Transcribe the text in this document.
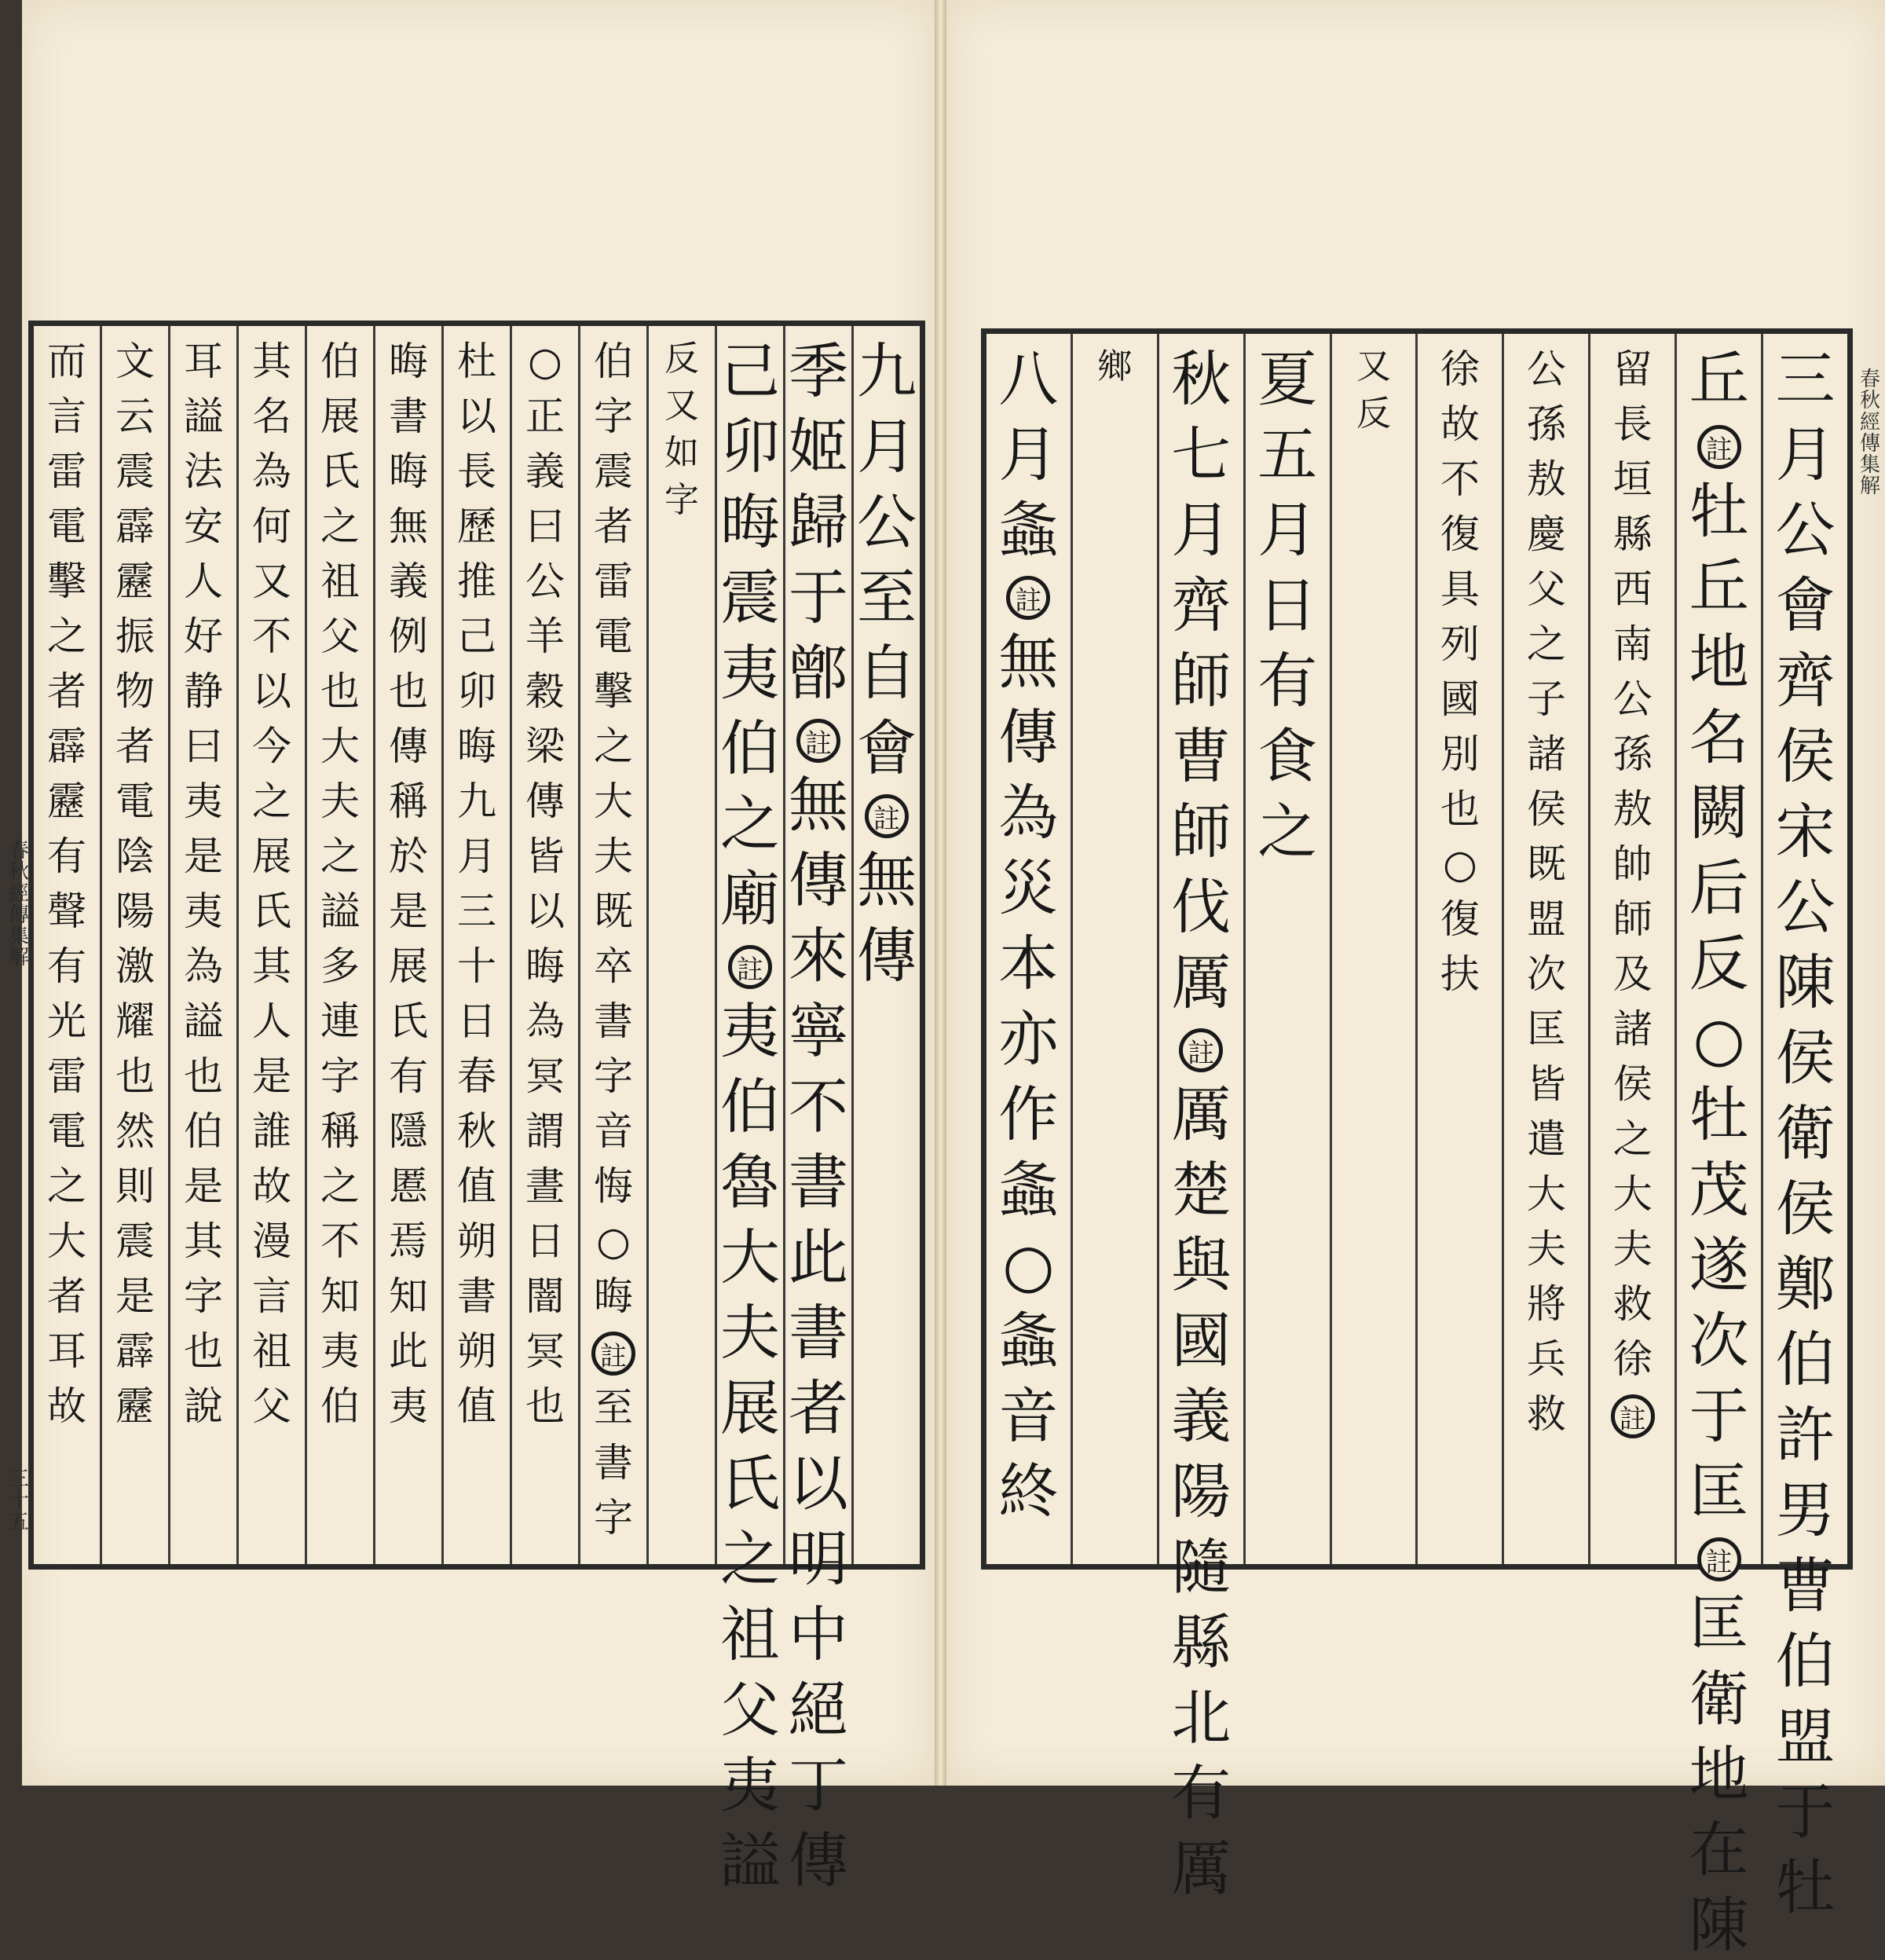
九
月
公
至
自
會
註
無
傳
季
姬
歸
于
鄫
註
無
傳
來
寧
不
書
此
書
者
以
明
中
絕
丁
傳
己
卯
晦
震
夷
伯
之
廟
註
夷
伯
魯
大
夫
展
氏
之
祖
父
夷
謚
反
又
如
字
伯
字
震
者
雷
電
擊
之
大
夫
既
卒
書
字
音
悔
○
晦
註
至
書
字
○
正
義
曰
公
羊
穀
梁
傳
皆
以
晦
為
冥
謂
晝
日
闇
冥
也
杜
以
長
歷
推
己
卯
晦
九
月
三
十
日
春
秋
值
朔
書
朔
值
晦
書
晦
無
義
例
也
傳
稱
於
是
展
氏
有
隱
慝
焉
知
此
夷
伯
展
氏
之
祖
父
也
大
夫
之
謚
多
連
字
稱
之
不
知
夷
伯
其
名
為
何
又
不
以
今
之
展
氏
其
人
是
誰
故
漫
言
祖
父
耳
謚
法
安
人
好
静
曰
夷
是
夷
為
謚
也
伯
是
其
字
也
說
文
云
震
霹
靂
振
物
者
電
陰
陽
激
耀
也
然
則
震
是
霹
靂
而
言
雷
電
擊
之
者
霹
靂
有
聲
有
光
雷
電
之
大
者
耳
故
春秋經傳集解
三十五
三
月
公
會
齊
侯
宋
公
陳
侯
衛
侯
鄭
伯
許
男
曹
伯
盟
于
牡
丘
註
牡
丘
地
名
闕
后
反
○
牡
茂
遂
次
于
匡
註
匡
衛
地
在
陳
留
長
垣
縣
西
南
公
孫
敖
帥
師
及
諸
侯
之
大
夫
救
徐
註
公
孫
敖
慶
父
之
子
諸
侯
既
盟
次
匡
皆
遣
大
夫
將
兵
救
徐
故
不
復
具
列
國
別
也
○
復
扶
又
反
夏
五
月
日
有
食
之
秋
七
月
齊
師
曹
師
伐
厲
註
厲
楚
與
國
義
陽
隨
縣
北
有
厲
鄉
八
月
螽
註
無
傳
為
災
本
亦
作
螽
○
螽
音
終
春秋經傳集解
